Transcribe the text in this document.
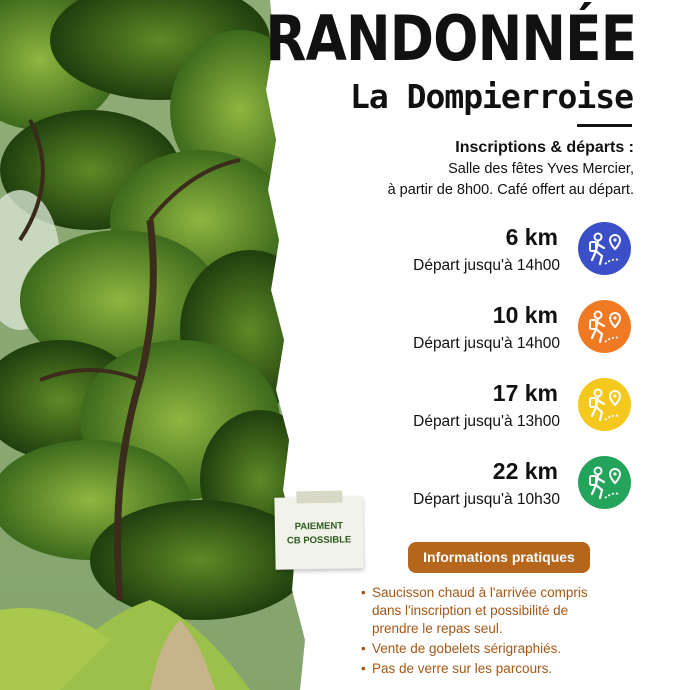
RANDONNÉE
La Dompierroise
Inscriptions & départs :
Salle des fêtes Yves Mercier,
à partir de 8h00. Café offert au départ.
6 km
Départ jusqu'à 14h00
10 km
Départ jusqu'à 14h00
17 km
Départ jusqu'à 13h00
22 km
Départ jusqu'à 10h30
PAIEMENT
CB POSSIBLE
Informations pratiques
• Saucisson chaud à l'arrivée compris dans l'inscription et possibilité de prendre le repas seul.
• Vente de gobelets sérigraphiés.
• Pas de verre sur les parcours.
